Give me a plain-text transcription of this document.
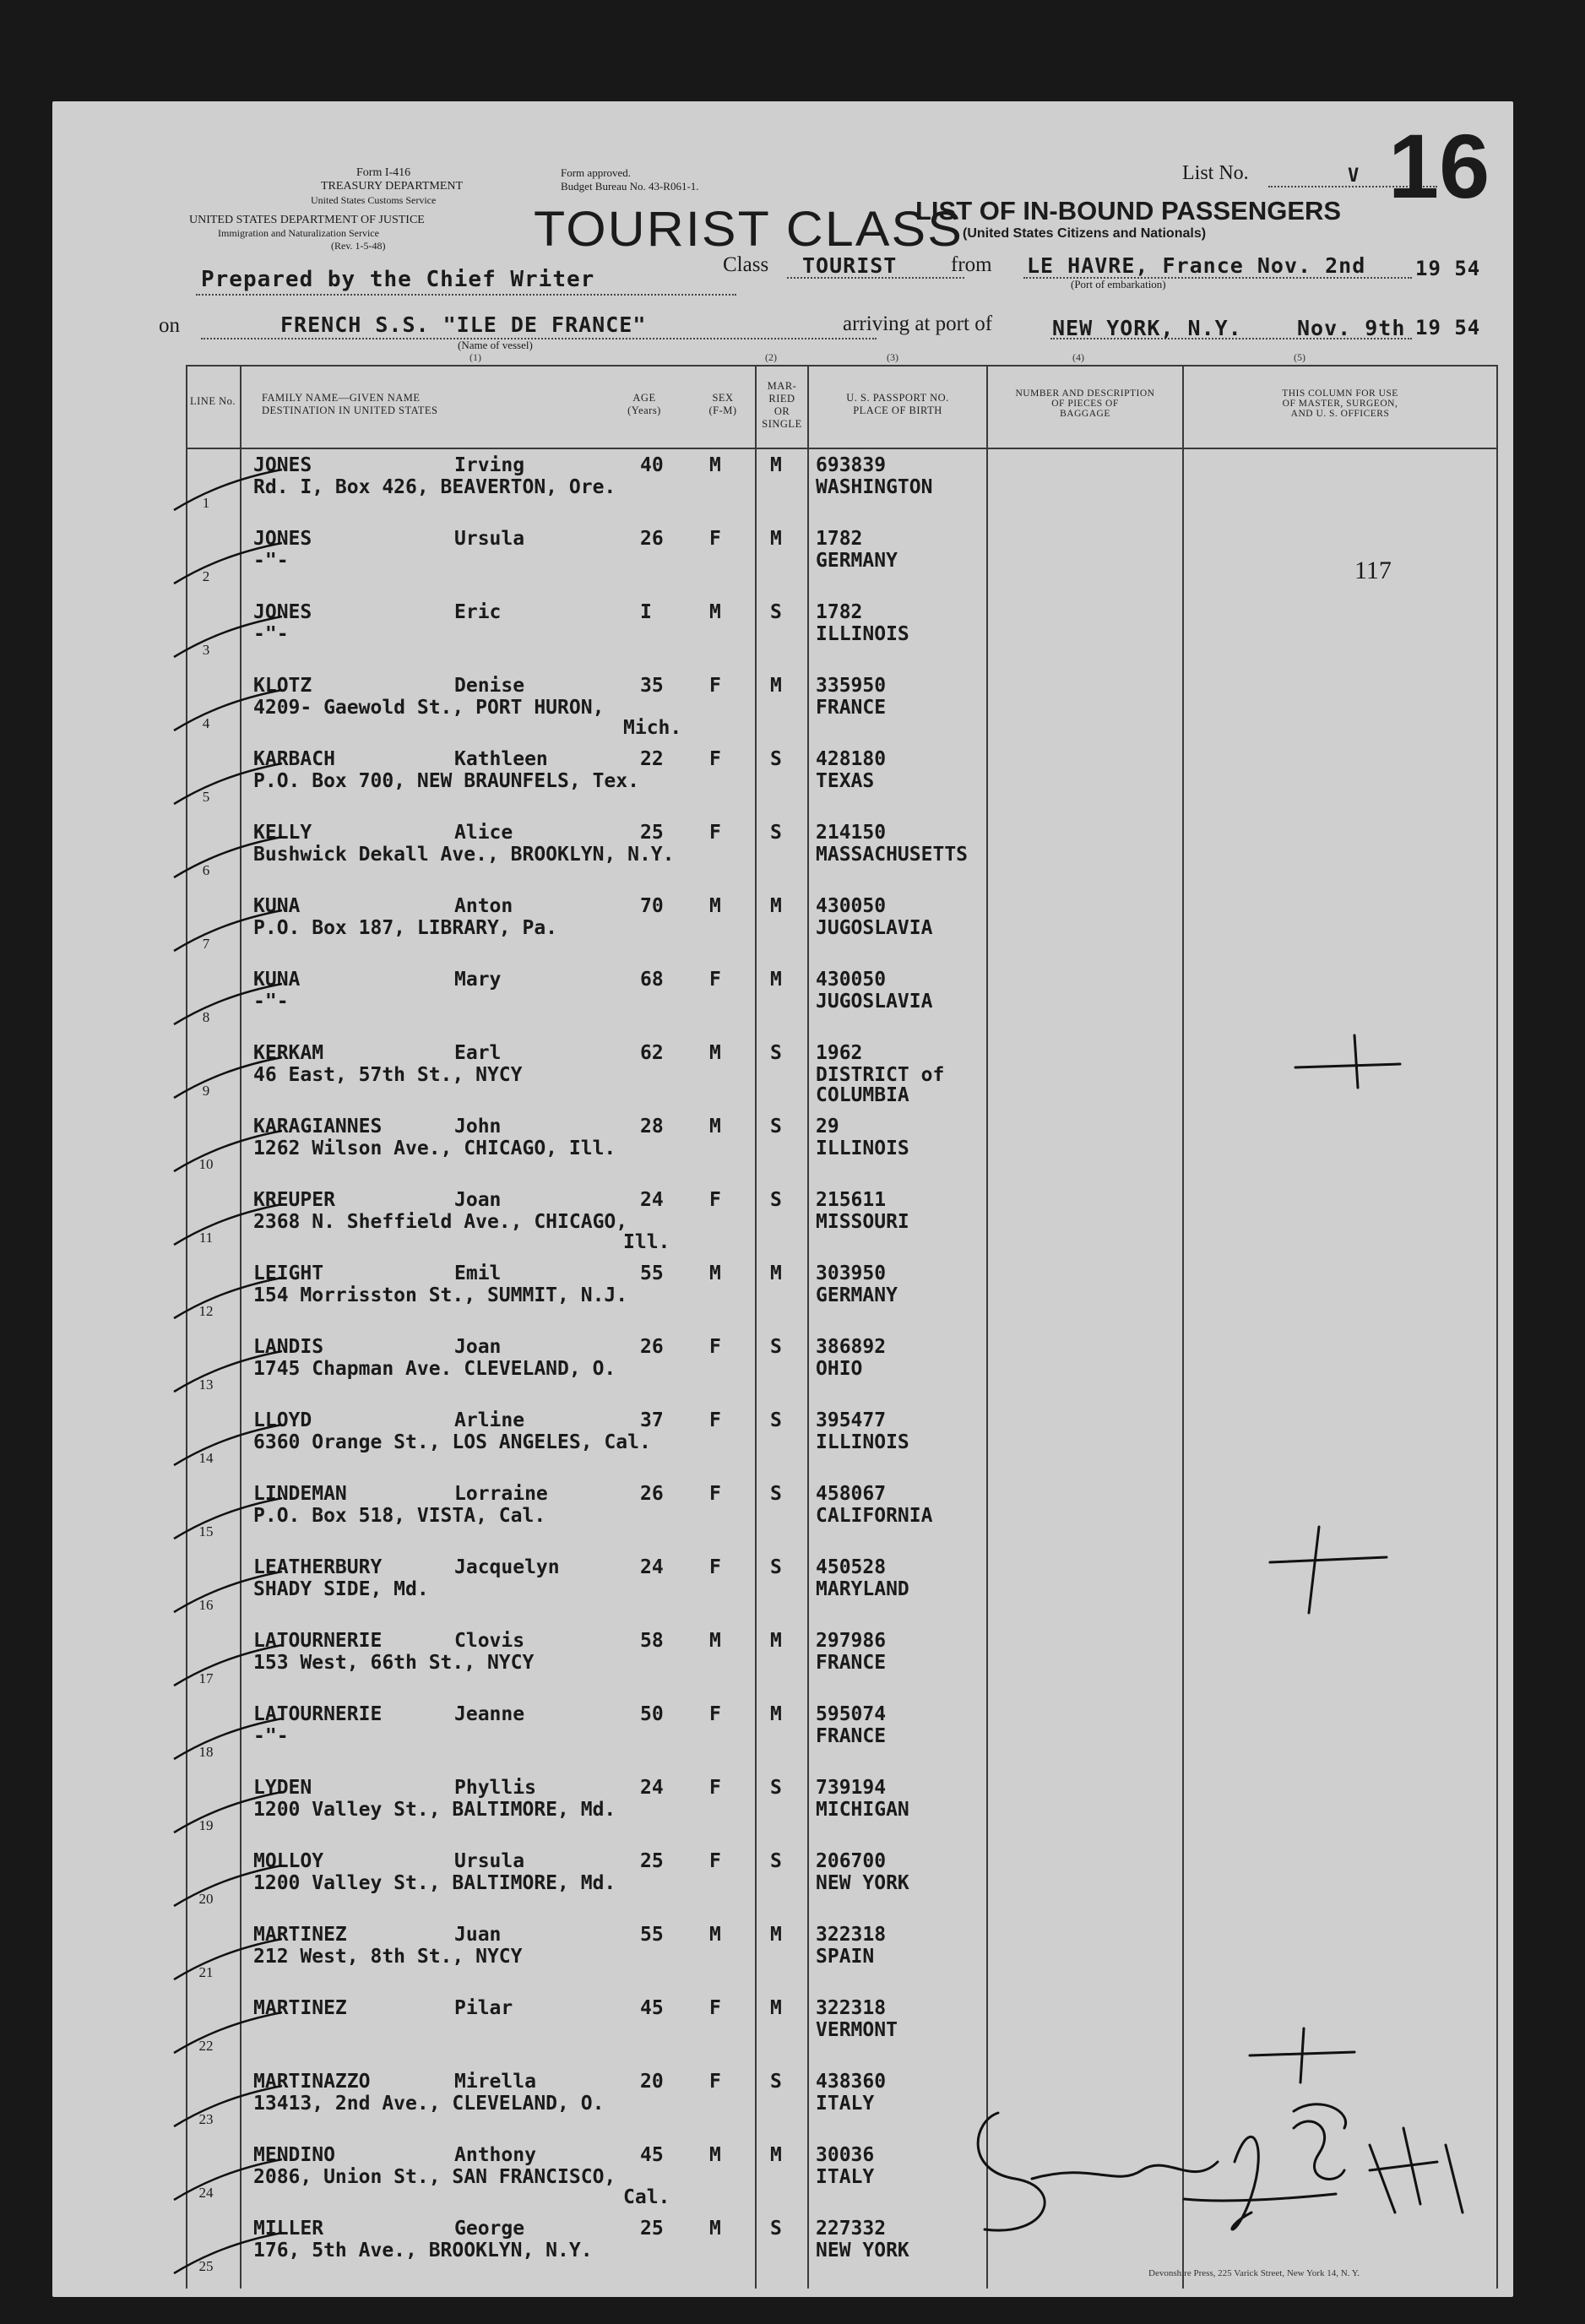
Form I-416
TREASURY DEPARTMENT
United States Customs Service
UNITED STATES DEPARTMENT OF JUSTICE
Immigration and Naturalization Service
(Rev. 1-5-48)
Form approved.
Budget Bureau No. 43-R061-1.
TOURIST CLASS
List No.	V 16
LIST OF IN-BOUND PASSENGERS
(United States Citizens and Nationals)
Prepared by the Chief Writer
Class TOURIST	from LE HAVRE, France Nov. 2nd 19 54
(Port of embarkation)
on	FRENCH S.S. "ILE DE FRANCE"
(Name of vessel)
arriving at port of	NEW YORK, N.Y.	Nov. 9th 19 54
(1)	(2)	(3)	(4)	(5)
LINE No. FAMILY NAME—GIVEN NAME
DESTINATION IN UNITED STATES
AGE
(Years)
SEX
(F-M)
MAR-
RIED
OR
SINGLE
U. S. PASSPORT NO.
PLACE OF BIRTH
NUMBER AND DESCRIPTION
OF PIECES OF
BAGGAGE
THIS COLUMN FOR USE
OF MASTER, SURGEON,
AND U. S. OFFICERS
1
JONES	Irving
Rd. I, Box 426, BEAVERTON, Ore.
40 M	M 693839
WASHINGTON
2
JONES	Ursula
-"-
26 F	M 1782
GERMANY	117
3
JONES	Eric
-"-
I	M	S 1782
ILLINOIS
4
KLOTZ	Denise
4209- Gaewold St., PORT HURON,
Mich.
35 F	M 335950
FRANCE
5
KARBACH	Kathleen
P.O. Box 700, NEW BRAUNFELS, Tex.
22 F	S 428180
TEXAS
6
KELLY	Alice
Bushwick Dekall Ave., BROOKLYN, N.Y.
25 F	S 214150
MASSACHUSETTS
7
KUNA	Anton
P.O. Box 187, LIBRARY, Pa.
70 M	M 430050
JUGOSLAVIA
8
KUNA	Mary
-"-
68 F	M 430050
JUGOSLAVIA
9
KERKAM	Earl
46 East, 57th St., NYCY
62 M	S 1962
DISTRICT of
COLUMBIA
10
KARAGIANNES	John
1262 Wilson Ave., CHICAGO, Ill.
28 M	S 29
ILLINOIS
11
KREUPER	Joan
2368 N. Sheffield Ave., CHICAGO,
Ill.
24 F	S 215611
MISSOURI
12
LEIGHT	Emil
154 Morrisston St., SUMMIT, N.J.
55 M	M 303950
GERMANY
13
LANDIS	Joan
1745 Chapman Ave. CLEVELAND, O.
26 F	S 386892
OHIO
14
LLOYD	Arline
6360 Orange St., LOS ANGELES, Cal.
37 F	S 395477
ILLINOIS
15
LINDEMAN	Lorraine
P.O. Box 518, VISTA, Cal.
26 F	S 458067
CALIFORNIA
16
LEATHERBURY	Jacquelyn
SHADY SIDE, Md.
24 F	S 450528
MARYLAND
17
LATOURNERIE	Clovis
153 West, 66th St., NYCY
58 M	M 297986
FRANCE
18
LATOURNERIE	Jeanne
-"-
50 F	M 595074
FRANCE
19
LYDEN	Phyllis
1200 Valley St., BALTIMORE, Md.
24 F	S 739194
MICHIGAN
20
MOLLOY	Ursula
1200 Valley St., BALTIMORE, Md.
25 F	S 206700
NEW YORK
21
MARTINEZ	Juan
212 West, 8th St., NYCY
55 M	M 322318
SPAIN
22
MARTINEZ	Pilar	45 F	M 322318
VERMONT
23
MARTINAZZO	Mirella
13413, 2nd Ave., CLEVELAND, O.
20 F	S 438360
ITALY
24
MENDINO	Anthony
2086, Union St., SAN FRANCISCO,
Cal.
45 M	M 30036
ITALY
25
MILLER	George
176, 5th Ave., BROOKLYN, N.Y.
25 M	S 227332
NEW YORK
Devonshire Press, 225 Varick Street, New York 14, N. Y.
